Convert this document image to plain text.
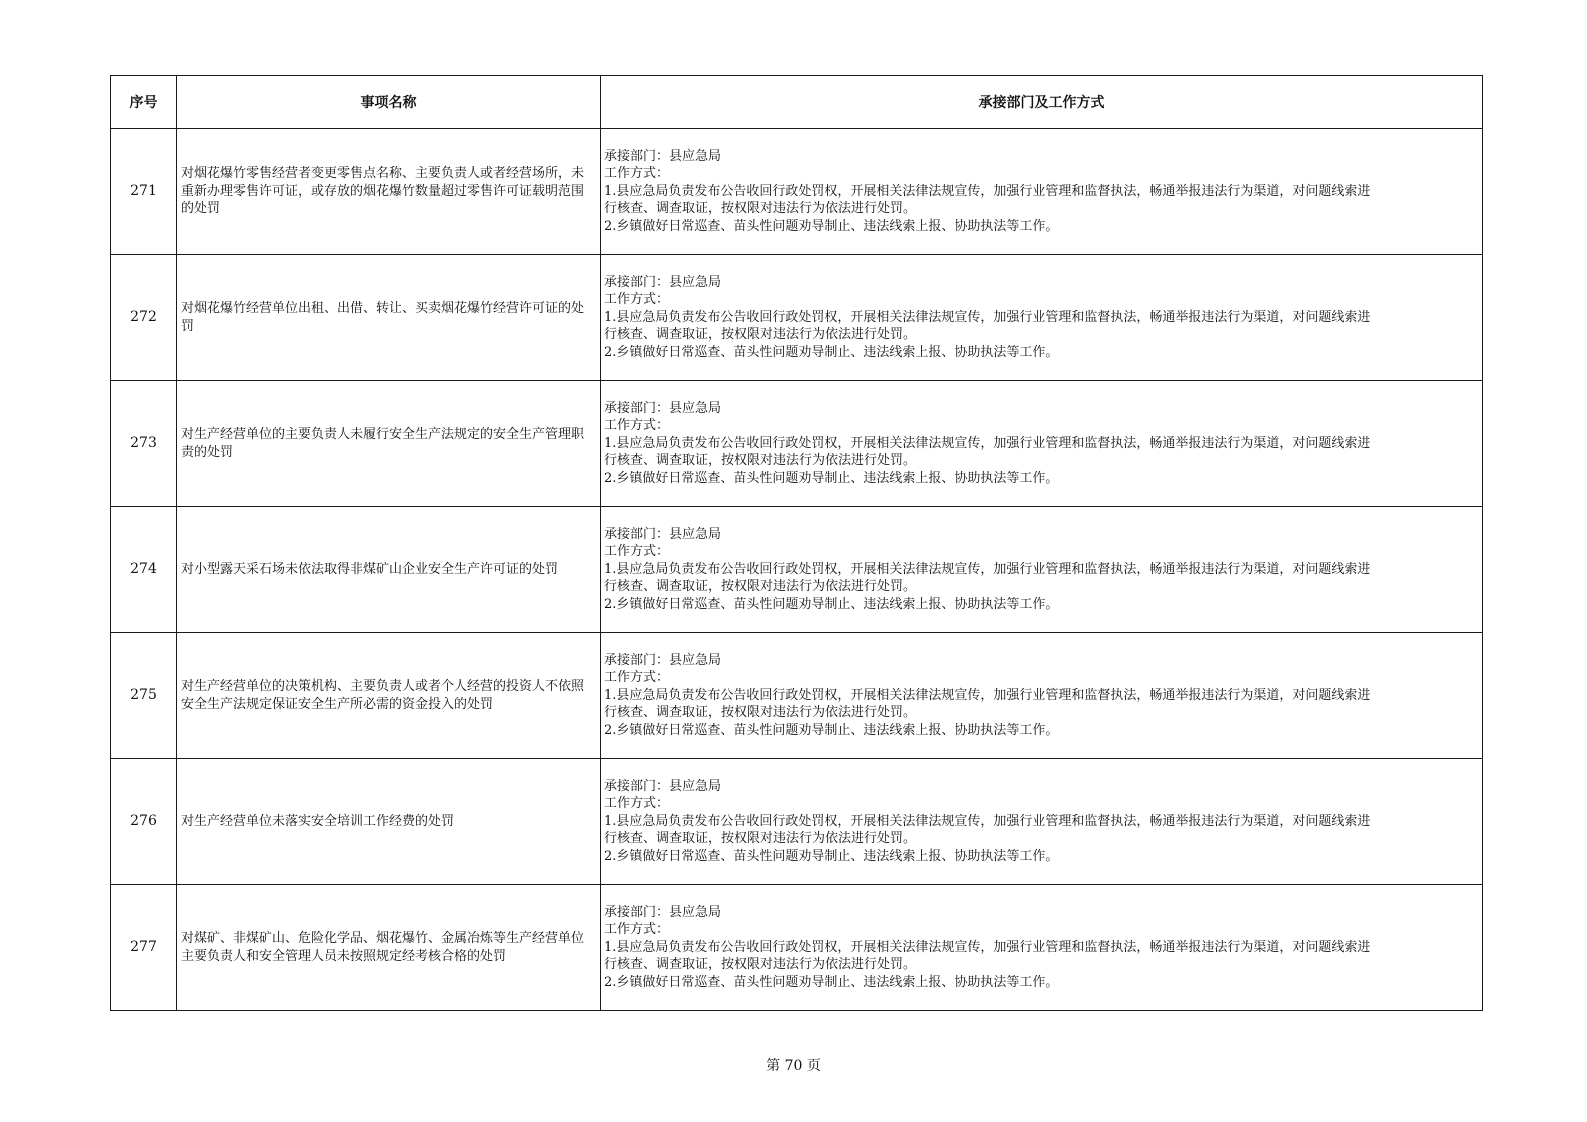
序号	事项名称	承接部门及工作方式
271	对烟花爆竹零售经营者变更零售点名称、主要负责人或者经营场所，未重新办理零售许可证，或存放的烟花爆竹数量超过零售许可证载明范围的处罚	承接部门：县应急局
工作方式：
1.县应急局负责发布公告收回行政处罚权，开展相关法律法规宣传，加强行业管理和监督执法，畅通举报违法行为渠道，对问题线索进
行核查、调查取证，按权限对违法行为依法进行处罚。
2.乡镇做好日常巡查、苗头性问题劝导制止、违法线索上报、协助执法等工作。

272	对烟花爆竹经营单位出租、出借、转让、买卖烟花爆竹经营许可证的处罚	承接部门：县应急局
工作方式：
1.县应急局负责发布公告收回行政处罚权，开展相关法律法规宣传，加强行业管理和监督执法，畅通举报违法行为渠道，对问题线索进
行核查、调查取证，按权限对违法行为依法进行处罚。
2.乡镇做好日常巡查、苗头性问题劝导制止、违法线索上报、协助执法等工作。

273	对生产经营单位的主要负责人未履行安全生产法规定的安全生产管理职责的处罚	承接部门：县应急局
工作方式：
1.县应急局负责发布公告收回行政处罚权，开展相关法律法规宣传，加强行业管理和监督执法，畅通举报违法行为渠道，对问题线索进
行核查、调查取证，按权限对违法行为依法进行处罚。
2.乡镇做好日常巡查、苗头性问题劝导制止、违法线索上报、协助执法等工作。

274	对小型露天采石场未依法取得非煤矿山企业安全生产许可证的处罚	承接部门：县应急局
工作方式：
1.县应急局负责发布公告收回行政处罚权，开展相关法律法规宣传，加强行业管理和监督执法，畅通举报违法行为渠道，对问题线索进
行核查、调查取证，按权限对违法行为依法进行处罚。
2.乡镇做好日常巡查、苗头性问题劝导制止、违法线索上报、协助执法等工作。

275	对生产经营单位的决策机构、主要负责人或者个人经营的投资人不依照安全生产法规定保证安全生产所必需的资金投入的处罚	承接部门：县应急局
工作方式：
1.县应急局负责发布公告收回行政处罚权，开展相关法律法规宣传，加强行业管理和监督执法，畅通举报违法行为渠道，对问题线索进
行核查、调查取证，按权限对违法行为依法进行处罚。
2.乡镇做好日常巡查、苗头性问题劝导制止、违法线索上报、协助执法等工作。

276	对生产经营单位未落实安全培训工作经费的处罚	承接部门：县应急局
工作方式：
1.县应急局负责发布公告收回行政处罚权，开展相关法律法规宣传，加强行业管理和监督执法，畅通举报违法行为渠道，对问题线索进
行核查、调查取证，按权限对违法行为依法进行处罚。
2.乡镇做好日常巡查、苗头性问题劝导制止、违法线索上报、协助执法等工作。

277	对煤矿、非煤矿山、危险化学品、烟花爆竹、金属冶炼等生产经营单位主要负责人和安全管理人员未按照规定经考核合格的处罚	承接部门：县应急局
工作方式：
1.县应急局负责发布公告收回行政处罚权，开展相关法律法规宣传，加强行业管理和监督执法，畅通举报违法行为渠道，对问题线索进
行核查、调查取证，按权限对违法行为依法进行处罚。
2.乡镇做好日常巡查、苗头性问题劝导制止、违法线索上报、协助执法等工作。
第 70 页
